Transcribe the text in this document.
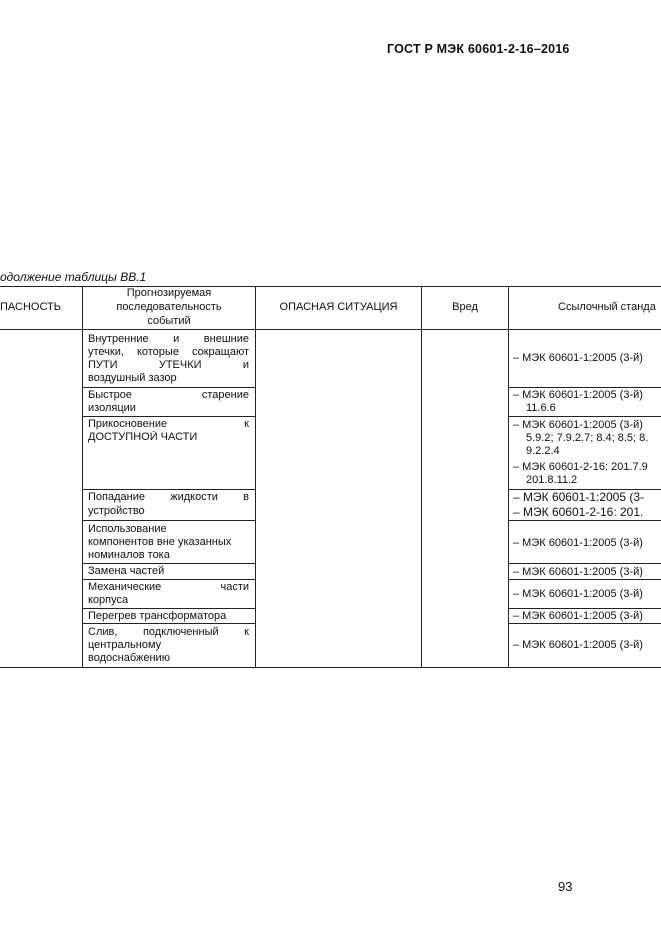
ГОСТ Р МЭК 60601-2-16–2016
одолжение таблицы ВВ.1
ПАСНОСТЬ
Прогнозируемая
последовательность
событий
ОПАСНАЯ СИТУАЦИЯ	Вред	Ссылочный станда
Внутренние и внешние
утечки, которые сокращают
ПУТИ УТЕЧКИ и
воздушный зазор
Быстрое старение
изоляции
Прикосновение к
ДОСТУПНОЙ ЧАСТИ
Попадание жидкости в
устройство
Использование
компонентов вне указанных
номиналов тока
Замена частей
Механические части
корпуса
Перегрев трансформатора
Слив, подключенный к
центральному
водоснабжению
– МЭК 60601-1:2005 (3-й)
– МЭК 60601-1:2005 (3-й)
11.6.6
– МЭК 60601-1:2005 (3-й)
5.9.2; 7.9.2.7; 8.4; 8.5; 8.
9.2.2.4
– МЭК 60601-2-16: 201.7.9
201.8.11.2
– МЭК 60601-1:2005 (3-
– МЭК 60601-2-16: 201.
– МЭК 60601-1:2005 (3-й)
– МЭК 60601-1:2005 (3-й)
– МЭК 60601-1:2005 (3-й)
– МЭК 60601-1:2005 (3-й)
– МЭК 60601-1:2005 (3-й)
93
